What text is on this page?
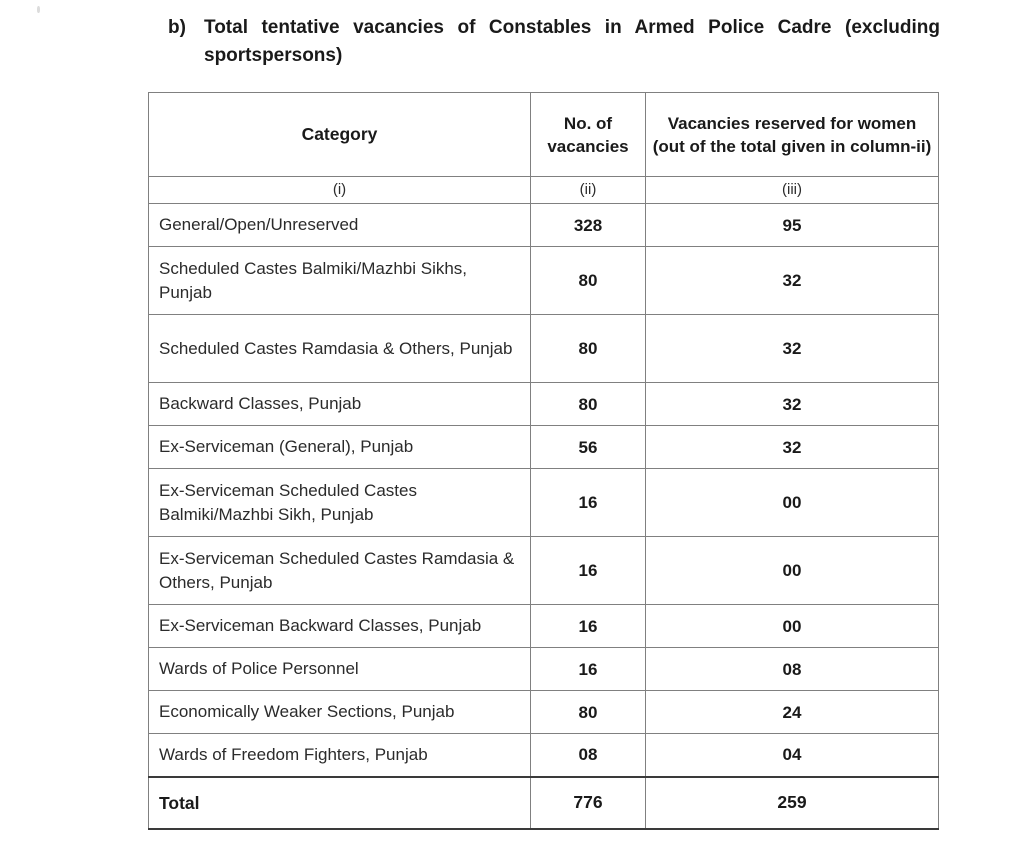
b) Total tentative vacancies of Constables in Armed Police Cadre (excluding
sportspersons)
Category	No. of vacancies	Vacancies reserved for women (out of the total given in column-ii)
(i)	(ii)	(iii)
General/Open/Unreserved	328	95
Scheduled Castes Balmiki/Mazhbi Sikhs, Punjab	80	32
Scheduled Castes Ramdasia & Others, Punjab	80	32
Backward Classes, Punjab	80	32
Ex-Serviceman (General), Punjab	56	32
Ex-Serviceman Scheduled Castes Balmiki/Mazhbi Sikh, Punjab	16	00
Ex-Serviceman Scheduled Castes Ramdasia & Others, Punjab	16	00
Ex-Serviceman Backward Classes, Punjab	16	00
Wards of Police Personnel	16	08
Economically Weaker Sections, Punjab	80	24
Wards of Freedom Fighters, Punjab	08	04
Total	776	259
